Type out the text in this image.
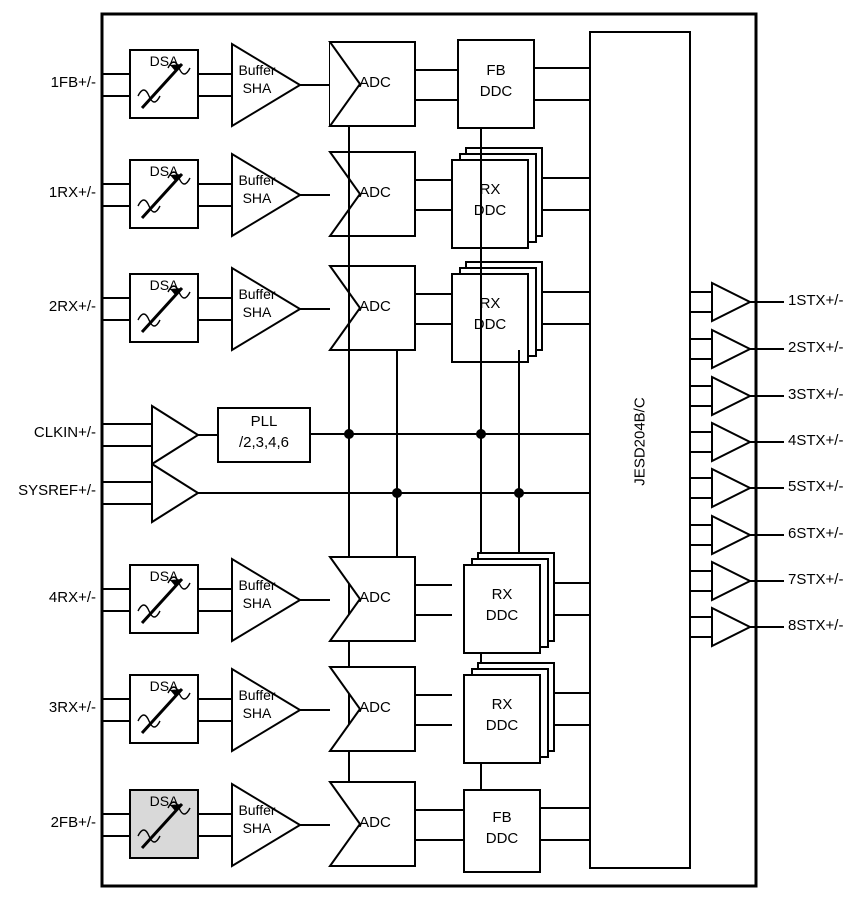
1FB+/-
1RX+/-
2RX+/-
CLKIN+/-
SYSREF+/-
4RX+/-
3RX+/-
2FB+/-
1STX+/-
2STX+/-
3STX+/-
4STX+/-
5STX+/-
6STX+/-
7STX+/-
8STX+/-
DSA
DSA
DSA
DSA
DSA
DSA
Buffer
SHA
Buffer
SHA
Buffer
SHA
Buffer
SHA
Buffer
SHA
Buffer
SHA
ADC
ADC
ADC
ADC
ADC
ADC
FB
DDC
RX
DDC
RX
DDC
RX
DDC
RX
DDC
FB
DDC
PLL
/2,3,4,6	JESD204B/C
